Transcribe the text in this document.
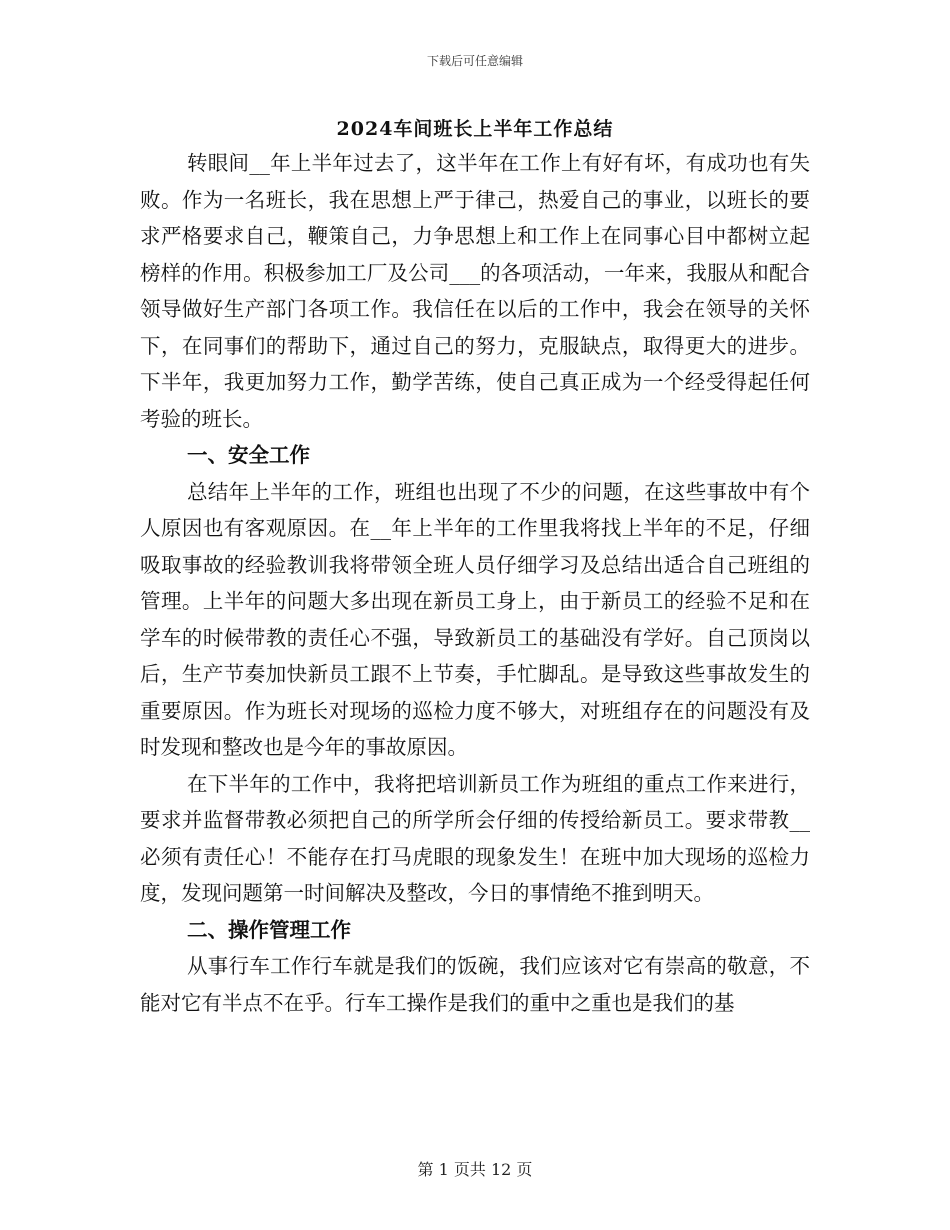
下载后可任意编辑
2024车间班长上半年工作总结

转眼间__年上半年过去了，这半年在工作上有好有坏，有成功也有失败。作为一名班长，我在思想上严于律己，热爱自己的事业，以班长的要求严格要求自己，鞭策自己，力争思想上和工作上在同事心目中都树立起榜样的作用。积极参加工厂及公司___的各项活动，一年来，我服从和配合领导做好生产部门各项工作。我信任在以后的工作中，我会在领导的关怀下，在同事们的帮助下，通过自己的努力，克服缺点，取得更大的进步。下半年，我更加努力工作，勤学苦练，使自己真正成为一个经受得起任何考验的班长。

一、安全工作

总结年上半年的工作，班组也出现了不少的问题，在这些事故中有个人原因也有客观原因。在__年上半年的工作里我将找上半年的不足，仔细吸取事故的经验教训我将带领全班人员仔细学习及总结出适合自己班组的管理。上半年的问题大多出现在新员工身上，由于新员工的经验不足和在学车的时候带教的责任心不强，导致新员工的基础没有学好。自己顶岗以后，生产节奏加快新员工跟不上节奏，手忙脚乱。是导致这些事故发生的重要原因。作为班长对现场的巡检力度不够大，对班组存在的问题没有及时发现和整改也是今年的事故原因。

在下半年的工作中，我将把培训新员工作为班组的重点工作来进行，要求并监督带教必须把自己的所学所会仔细的传授给新员工。要求带教__必须有责任心！不能存在打马虎眼的现象发生！在班中加大现场的巡检力度，发现问题第一时间解决及整改，今日的事情绝不推到明天。

二、操作管理工作

从事行车工作行车就是我们的饭碗，我们应该对它有崇高的敬意，不能对它有半点不在乎。行车工操作是我们的重中之重也是我们的基

第 1 页共 12 页
